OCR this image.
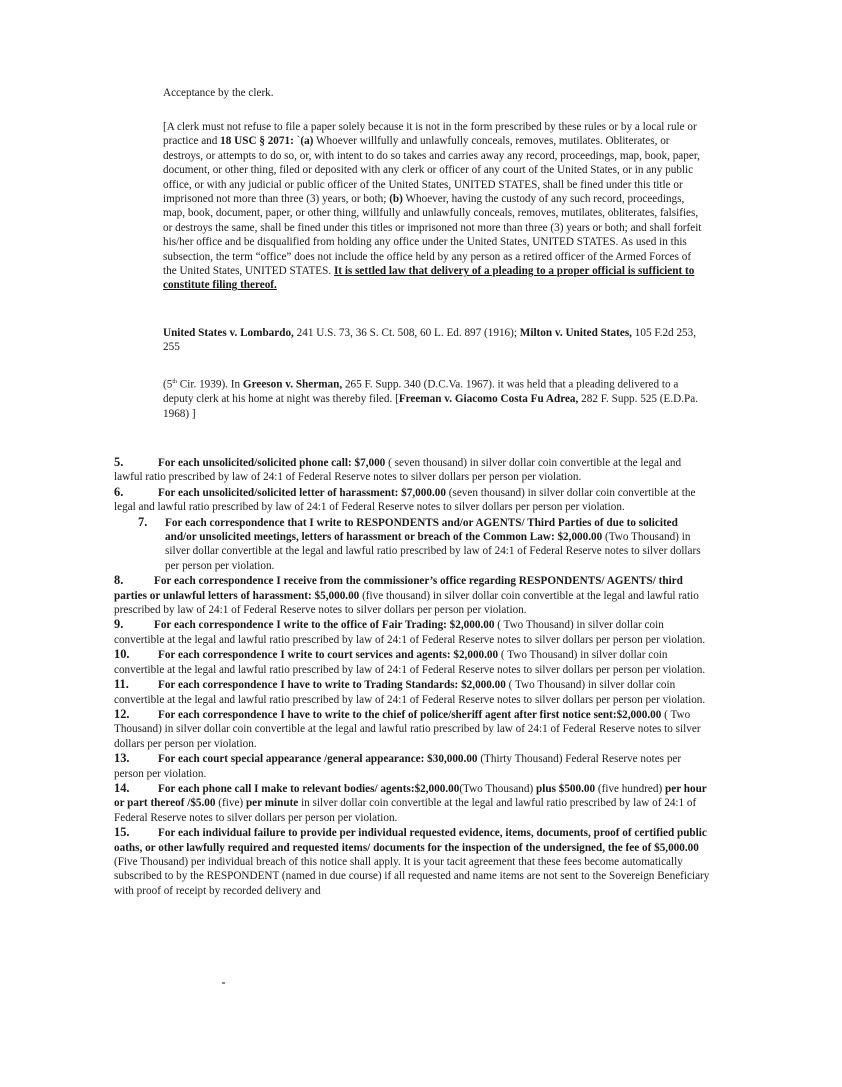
Acceptance by the clerk.
[A clerk must not refuse to file a paper solely because it is not in the form prescribed by these rules or by a local rule or practice and 18 USC § 2071: `(a) Whoever willfully and unlawfully conceals, removes, mutilates. Obliterates, or destroys, or attempts to do so, or, with intent to do so takes and carries away any record, proceedings, map, book, paper, document, or other thing, filed or deposited with any clerk or officer of any court of the United States, or in any public office, or with any judicial or public officer of the United States, UNITED STATES, shall be fined under this title or imprisoned not more than three (3) years, or both; (b) Whoever, having the custody of any such record, proceedings, map, book, document, paper, or other thing, willfully and unlawfully conceals, removes, mutilates, obliterates, falsifies, or destroys the same, shall be fined under this titles or imprisoned not more than three (3) years or both; and shall forfeit his/her office and be disqualified from holding any office under the United States, UNITED STATES. As used in this subsection, the term “office” does not include the office held by any person as a retired officer of the Armed Forces of the United States, UNITED STATES. It is settled law that delivery of a pleading to a proper official is sufficient to constitute filing thereof.
United States v. Lombardo, 241 U.S. 73, 36 S. Ct. 508, 60 L. Ed. 897 (1916); Milton v. United States, 105 F.2d 253, 255
(5th Cir. 1939). In Greeson v. Sherman, 265 F. Supp. 340 (D.C.Va. 1967). it was held that a pleading delivered to a deputy clerk at his home at night was thereby filed. [Freeman v. Giacomo Costa Fu Adrea, 282 F. Supp. 525 (E.D.Pa. 1968) ]

5.	For each unsolicited/solicited phone call: $7,000 ( seven thousand) in silver dollar coin convertible at the legal and lawful ratio prescribed by law of 24:1 of Federal Reserve notes to silver dollars per person per violation.

6.	For each unsolicited/solicited letter of harassment: $7,000.00 (seven thousand) in silver dollar coin convertible at the legal and lawful ratio prescribed by law of 24:1 of Federal Reserve notes to silver dollars per person per violation.

7. For each correspondence that I write to RESPONDENTS and/or AGENTS/ Third Parties of due to solicited and/or unsolicited meetings, letters of harassment or breach of the Common Law: $2,000.00 (Two Thousand) in silver dollar convertible at the legal and lawful ratio prescribed by law of 24:1 of Federal Reserve notes to silver dollars per person per violation.

8.	For each correspondence I receive from the commissioner’s office regarding RESPONDENTS/ AGENTS/ third parties or unlawful letters of harassment: $5,000.00 (five thousand) in silver dollar coin convertible at the legal and lawful ratio prescribed by law of 24:1 of Federal Reserve notes to silver dollars per person per violation.

9.	For each correspondence I write to the office of Fair Trading: $2,000.00 ( Two Thousand) in silver dollar coin convertible at the legal and lawful ratio prescribed by law of 24:1 of Federal Reserve notes to silver dollars per person per violation.

10.	For each correspondence I write to court services and agents: $2,000.00 ( Two Thousand) in silver dollar coin convertible at the legal and lawful ratio prescribed by law of 24:1 of Federal Reserve notes to silver dollars per person per violation.

11.	For each correspondence I have to write to Trading Standards: $2,000.00 ( Two Thousand) in silver dollar coin convertible at the legal and lawful ratio prescribed by law of 24:1 of Federal Reserve notes to silver dollars per person per violation.

12.	For each correspondence I have to write to the chief of police/sheriff agent after first notice sent:$2,000.00 ( Two Thousand) in silver dollar coin convertible at the legal and lawful ratio prescribed by law of 24:1 of Federal Reserve notes to silver dollars per person per violation.

13.	For each court special appearance /general appearance: $30,000.00 (Thirty Thousand) Federal Reserve notes per person per violation.

14.	For each phone call I make to relevant bodies/ agents:$2,000.00(Two Thousand) plus $500.00 (five hundred) per hour or part thereof /$5.00 (five) per minute in silver dollar coin convertible at the legal and lawful ratio prescribed by law of 24:1 of Federal Reserve notes to silver dollars per person per violation.

15.	For each individual failure to provide per individual requested evidence, items, documents, proof of certified public oaths, or other lawfully required and requested items/ documents for the inspection of the undersigned, the fee of $5,000.00 (Five Thousand) per individual breach of this notice shall apply. It is your tacit agreement that these fees become automatically subscribed to by the RESPONDENT (named in due course) if all requested and name items are not sent to the Sovereign Beneficiary with proof of receipt by recorded delivery and
